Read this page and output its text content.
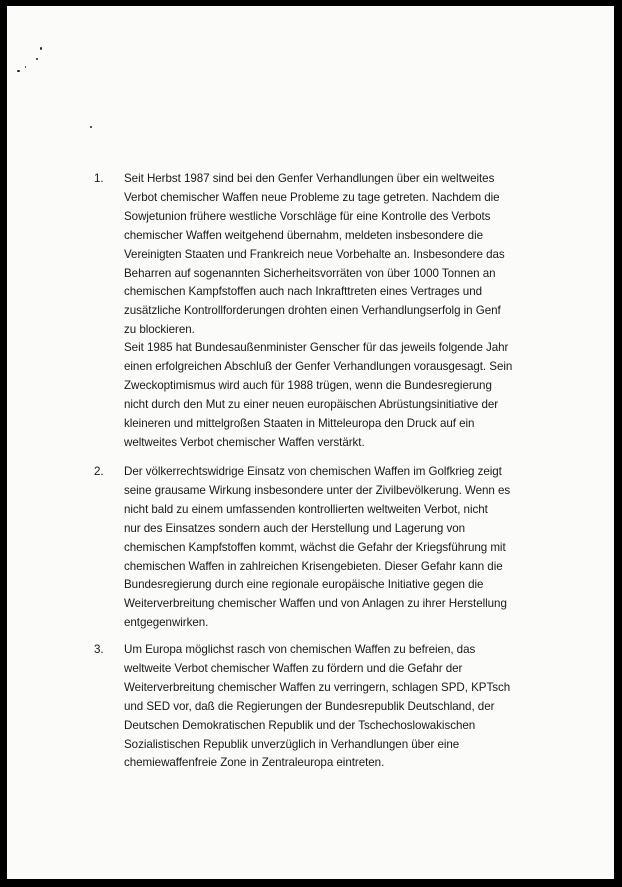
1.	Seit Herbst 1987 sind bei den Genfer Verhandlungen über ein weltweites
Verbot chemischer Waffen neue Probleme zu tage getreten. Nachdem die
Sowjetunion frühere westliche Vorschläge für eine Kontrolle des Verbots
chemischer Waffen weitgehend übernahm, meldeten insbesondere die
Vereinigten Staaten und Frankreich neue Vorbehalte an. Insbesondere das
Beharren auf sogenannten Sicherheitsvorräten von über 1000 Tonnen an
chemischen Kampfstoffen auch nach Inkrafttreten eines Vertrages und
zusätzliche Kontrollforderungen drohten einen Verhandlungserfolg in Genf
zu blockieren.
Seit 1985 hat Bundesaußenminister Genscher für das jeweils folgende Jahr
einen erfolgreichen Abschluß der Genfer Verhandlungen vorausgesagt. Sein
Zweckoptimismus wird auch für 1988 trügen, wenn die Bundesregierung
nicht durch den Mut zu einer neuen europäischen Abrüstungsinitiative der
kleineren und mittelgroßen Staaten in Mitteleuropa den Druck auf ein
weltweites Verbot chemischer Waffen verstärkt.
2.	Der völkerrechtswidrige Einsatz von chemischen Waffen im Golfkrieg zeigt
seine grausame Wirkung insbesondere unter der Zivilbevölkerung. Wenn es
nicht bald zu einem umfassenden kontrollierten weltweiten Verbot, nicht
nur des Einsatzes sondern auch der Herstellung und Lagerung von
chemischen Kampfstoffen kommt, wächst die Gefahr der Kriegsführung mit
chemischen Waffen in zahlreichen Krisengebieten. Dieser Gefahr kann die
Bundesregierung durch eine regionale europäische Initiative gegen die
Weiterverbreitung chemischer Waffen und von Anlagen zu ihrer Herstellung
entgegenwirken.
3.	Um Europa möglichst rasch von chemischen Waffen zu befreien, das
weltweite Verbot chemischer Waffen zu fördern und die Gefahr der
Weiterverbreitung chemischer Waffen zu verringern, schlagen SPD, KPTsch
und SED vor, daß die Regierungen der Bundesrepublik Deutschland, der
Deutschen Demokratischen Republik und der Tschechoslowakischen
Sozialistischen Republik unverzüglich in Verhandlungen über eine
chemiewaffenfreie Zone in Zentraleuropa eintreten.
